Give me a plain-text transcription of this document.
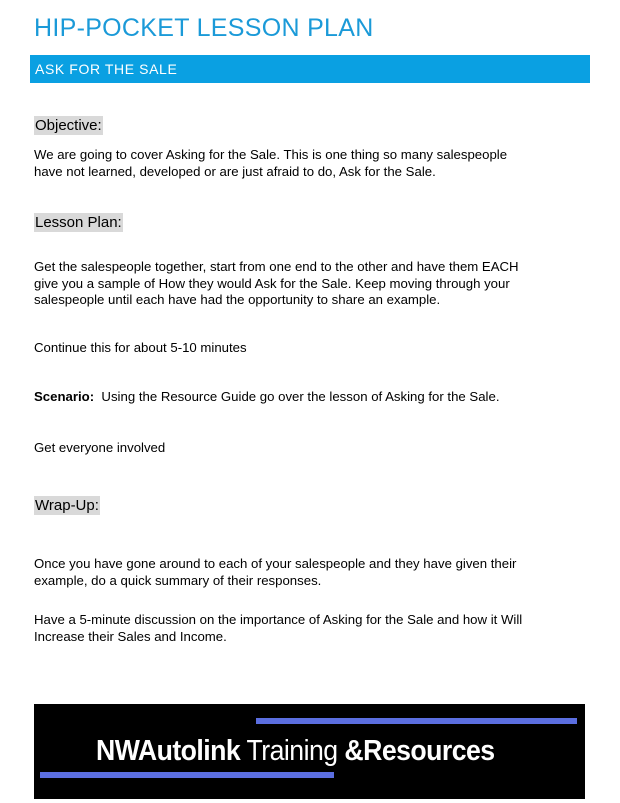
HIP-POCKET LESSON PLAN
ASK FOR THE SALE
Objective:
We are going to cover Asking for the Sale. This is one thing so many salespeople
have not learned, developed or are just afraid to do, Ask for the Sale.
Lesson Plan:
Get the salespeople together, start from one end to the other and have them EACH
give you a sample of How they would Ask for the Sale. Keep moving through your
salespeople until each have had the opportunity to share an example.
Continue this for about 5-10 minutes
Scenario:  Using the Resource Guide go over the lesson of Asking for the Sale.
Get everyone involved
Wrap-Up:
Once you have gone around to each of your salespeople and they have given their
example, do a quick summary of their responses.
Have a 5-minute discussion on the importance of Asking for the Sale and how it Will
Increase their Sales and Income.
NWAutolink Training &Resources
